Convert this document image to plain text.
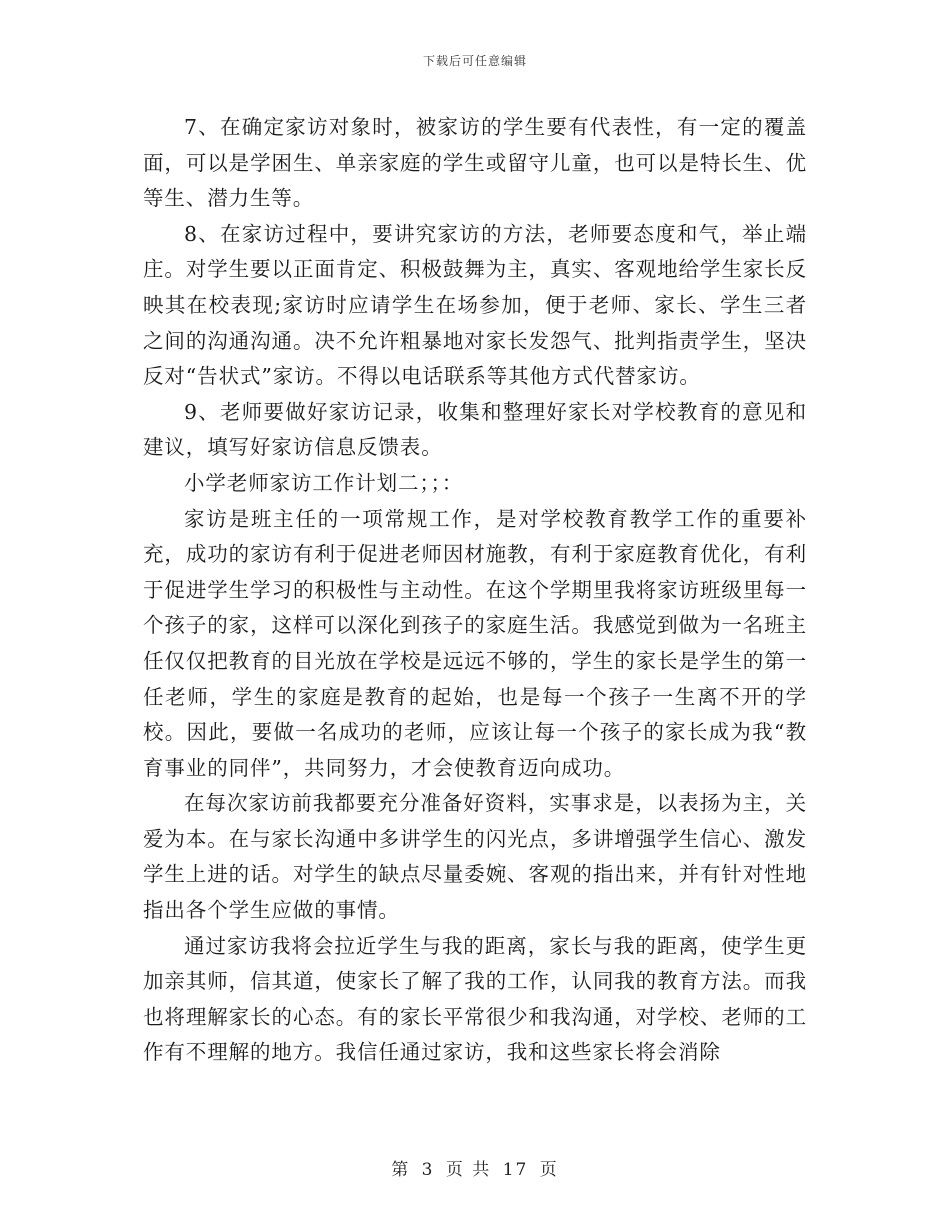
下载后可任意编辑

7、在确定家访对象时，被家访的学生要有代表性，有一定的覆盖面，可以是学困生、单亲家庭的学生或留守儿童，也可以是特长生、优等生、潜力生等。

8、在家访过程中，要讲究家访的方法，老师要态度和气，举止端庄。对学生要以正面肯定、积极鼓舞为主，真实、客观地给学生家长反映其在校表现;家访时应请学生在场参加，便于老师、家长、学生三者之间的沟通沟通。决不允许粗暴地对家长发怨气、批判指责学生，坚决反对“告状式”家访。不得以电话联系等其他方式代替家访。

9、老师要做好家访记录，收集和整理好家长对学校教育的意见和建议，填写好家访信息反馈表。

小学老师家访工作计划二；；：

家访是班主任的一项常规工作，是对学校教育教学工作的重要补充，成功的家访有利于促进老师因材施教，有利于家庭教育优化，有利于促进学生学习的积极性与主动性。在这个学期里我将家访班级里每一个孩子的家，这样可以深化到孩子的家庭生活。我感觉到做为一名班主任仅仅把教育的目光放在学校是远远不够的，学生的家长是学生的第一任老师，学生的家庭是教育的起始，也是每一个孩子一生离不开的学校。因此，要做一名成功的老师，应该让每一个孩子的家长成为我“教育事业的同伴”，共同努力，才会使教育迈向成功。

在每次家访前我都要充分准备好资料，实事求是，以表扬为主，关爱为本。在与家长沟通中多讲学生的闪光点，多讲增强学生信心、激发学生上进的话。对学生的缺点尽量委婉、客观的指出来，并有针对性地指出各个学生应做的事情。

通过家访我将会拉近学生与我的距离，家长与我的距离，使学生更加亲其师，信其道，使家长了解了我的工作，认同我的教育方法。而我也将理解家长的心态。有的家长平常很少和我沟通，对学校、老师的工作有不理解的地方。我信任通过家访，我和这些家长将会消除

第 3 页 共 17 页
